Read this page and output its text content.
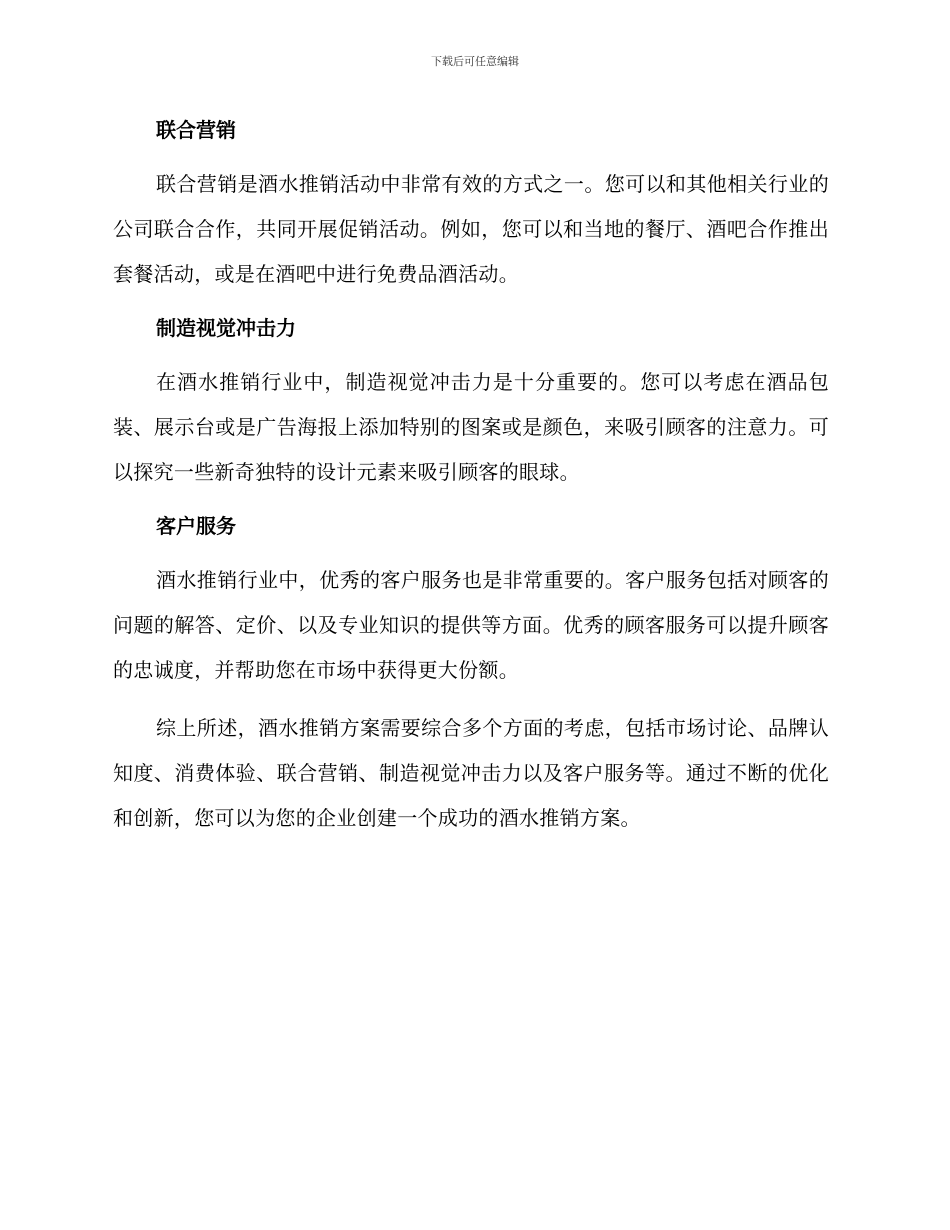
下载后可任意编辑
联合营销

联合营销是酒水推销活动中非常有效的方式之一。您可以和其他相关行业的公司联合合作，共同开展促销活动。例如，您可以和当地的餐厅、酒吧合作推出套餐活动，或是在酒吧中进行免费品酒活动。

制造视觉冲击力

在酒水推销行业中，制造视觉冲击力是十分重要的。您可以考虑在酒品包装、展示台或是广告海报上添加特别的图案或是颜色，来吸引顾客的注意力。可以探究一些新奇独特的设计元素来吸引顾客的眼球。

客户服务

酒水推销行业中，优秀的客户服务也是非常重要的。客户服务包括对顾客的问题的解答、定价、以及专业知识的提供等方面。优秀的顾客服务可以提升顾客的忠诚度，并帮助您在市场中获得更大份额。

综上所述，酒水推销方案需要综合多个方面的考虑，包括市场讨论、品牌认知度、消费体验、联合营销、制造视觉冲击力以及客户服务等。通过不断的优化和创新，您可以为您的企业创建一个成功的酒水推销方案。
